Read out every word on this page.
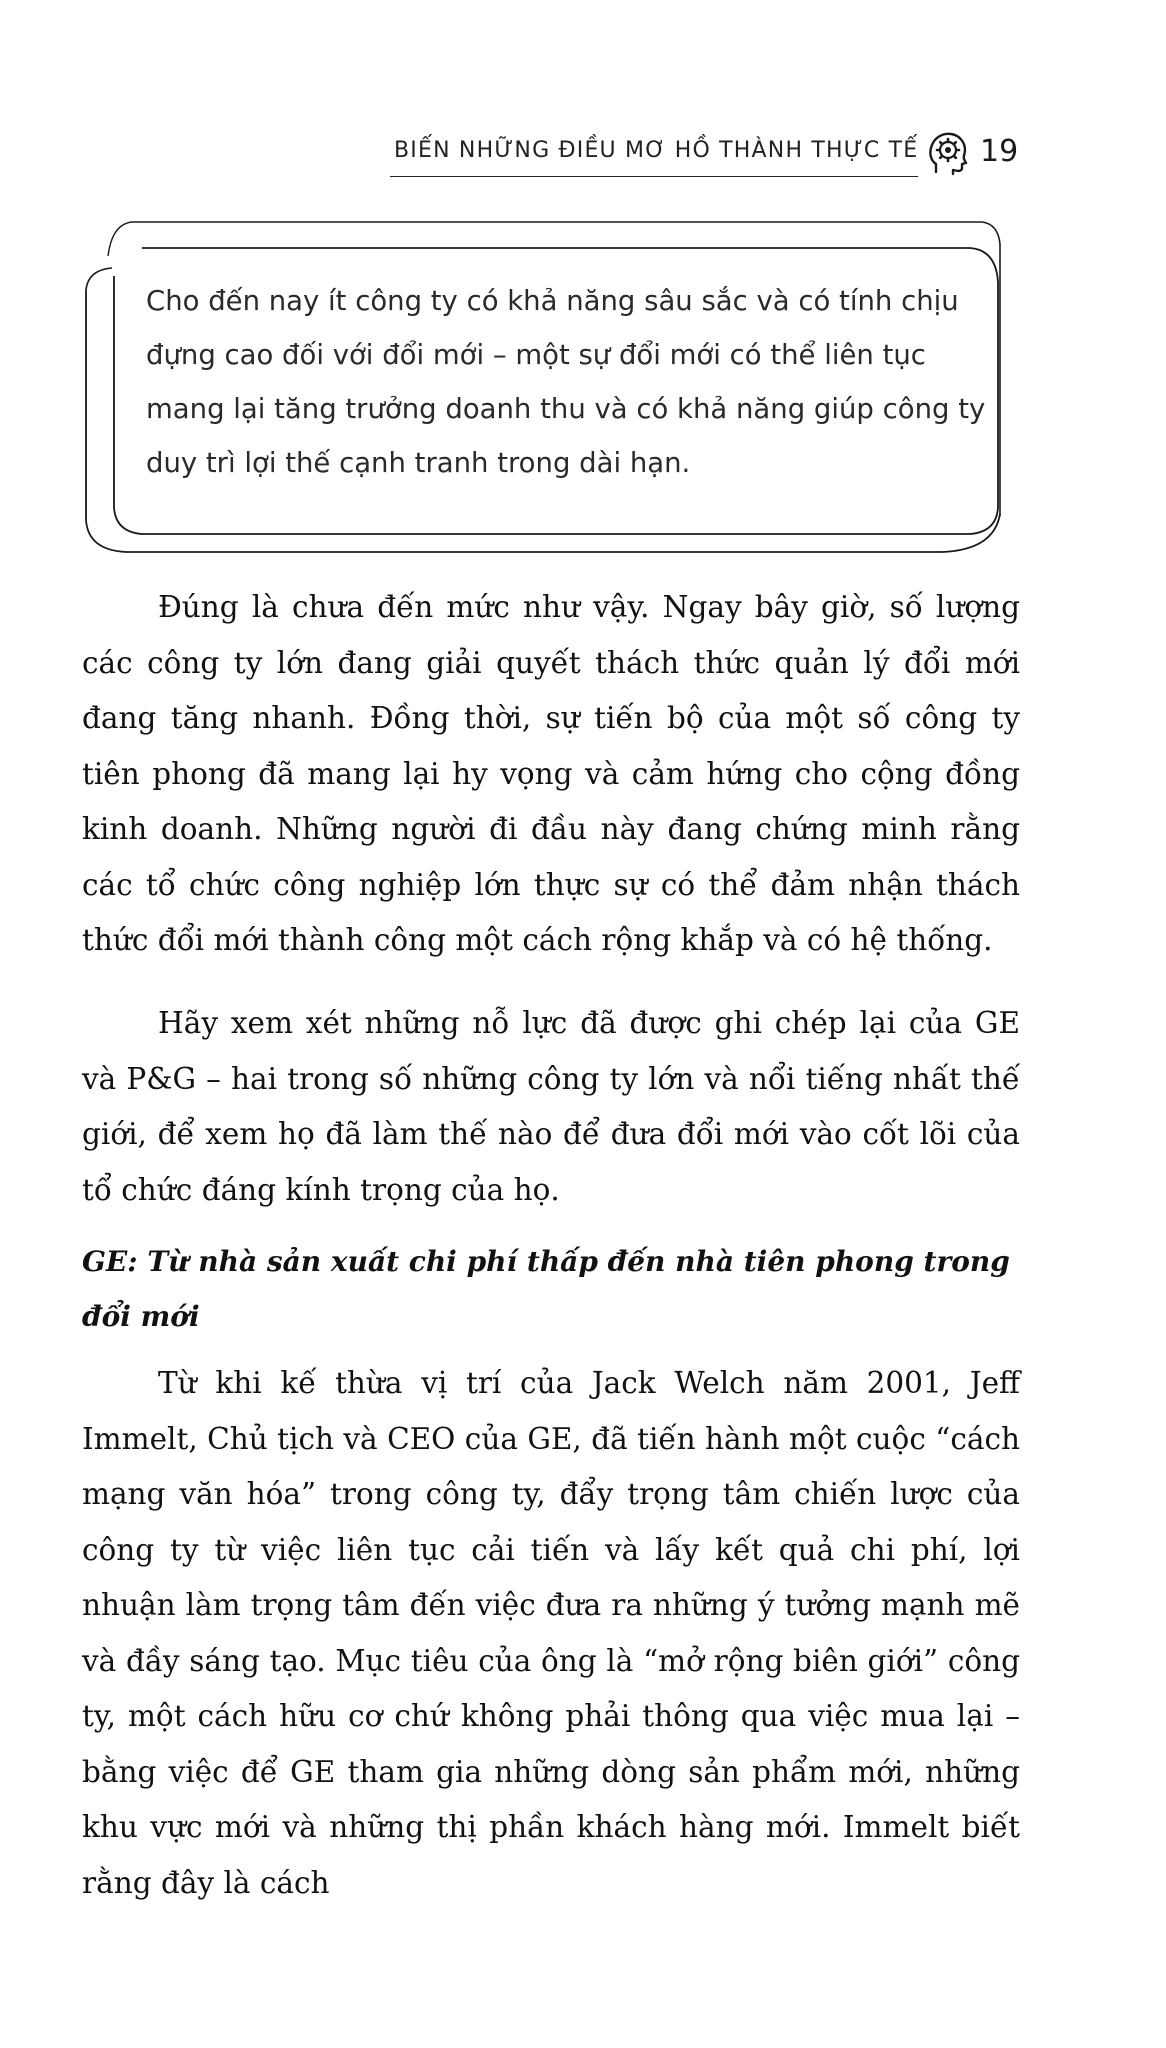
BIẾN NHỮNG ĐIỀU MƠ HỒ THÀNH THỰC TẾ 19
Cho đến nay ít công ty có khả năng sâu sắc và có tính chịu đựng cao đối với đổi mới – một sự đổi mới có thể liên tục mang lại tăng trưởng doanh thu và có khả năng giúp công ty duy trì lợi thế cạnh tranh trong dài hạn.

Đúng là chưa đến mức như vậy. Ngay bây giờ, số lượng các công ty lớn đang giải quyết thách thức quản lý đổi mới đang tăng nhanh. Đồng thời, sự tiến bộ của một số công ty tiên phong đã mang lại hy vọng và cảm hứng cho cộng đồng kinh doanh. Những người đi đầu này đang chứng minh rằng các tổ chức công nghiệp lớn thực sự có thể đảm nhận thách thức đổi mới thành công một cách rộng khắp và có hệ thống.

Hãy xem xét những nỗ lực đã được ghi chép lại của GE và P&G – hai trong số những công ty lớn và nổi tiếng nhất thế giới, để xem họ đã làm thế nào để đưa đổi mới vào cốt lõi của tổ chức đáng kính trọng của họ.

GE: Từ nhà sản xuất chi phí thấp đến nhà tiên phong trong đổi mới

Từ khi kế thừa vị trí của Jack Welch năm 2001, Jeff Immelt, Chủ tịch và CEO của GE, đã tiến hành một cuộc “cách mạng văn hóa” trong công ty, đẩy trọng tâm chiến lược của công ty từ việc liên tục cải tiến và lấy kết quả chi phí, lợi nhuận làm trọng tâm đến việc đưa ra những ý tưởng mạnh mẽ và đầy sáng tạo. Mục tiêu của ông là “mở rộng biên giới” công ty, một cách hữu cơ chứ không phải thông qua việc mua lại – bằng việc để GE tham gia những dòng sản phẩm mới, những khu vực mới và những thị phần khách hàng mới. Immelt biết rằng đây là cách
